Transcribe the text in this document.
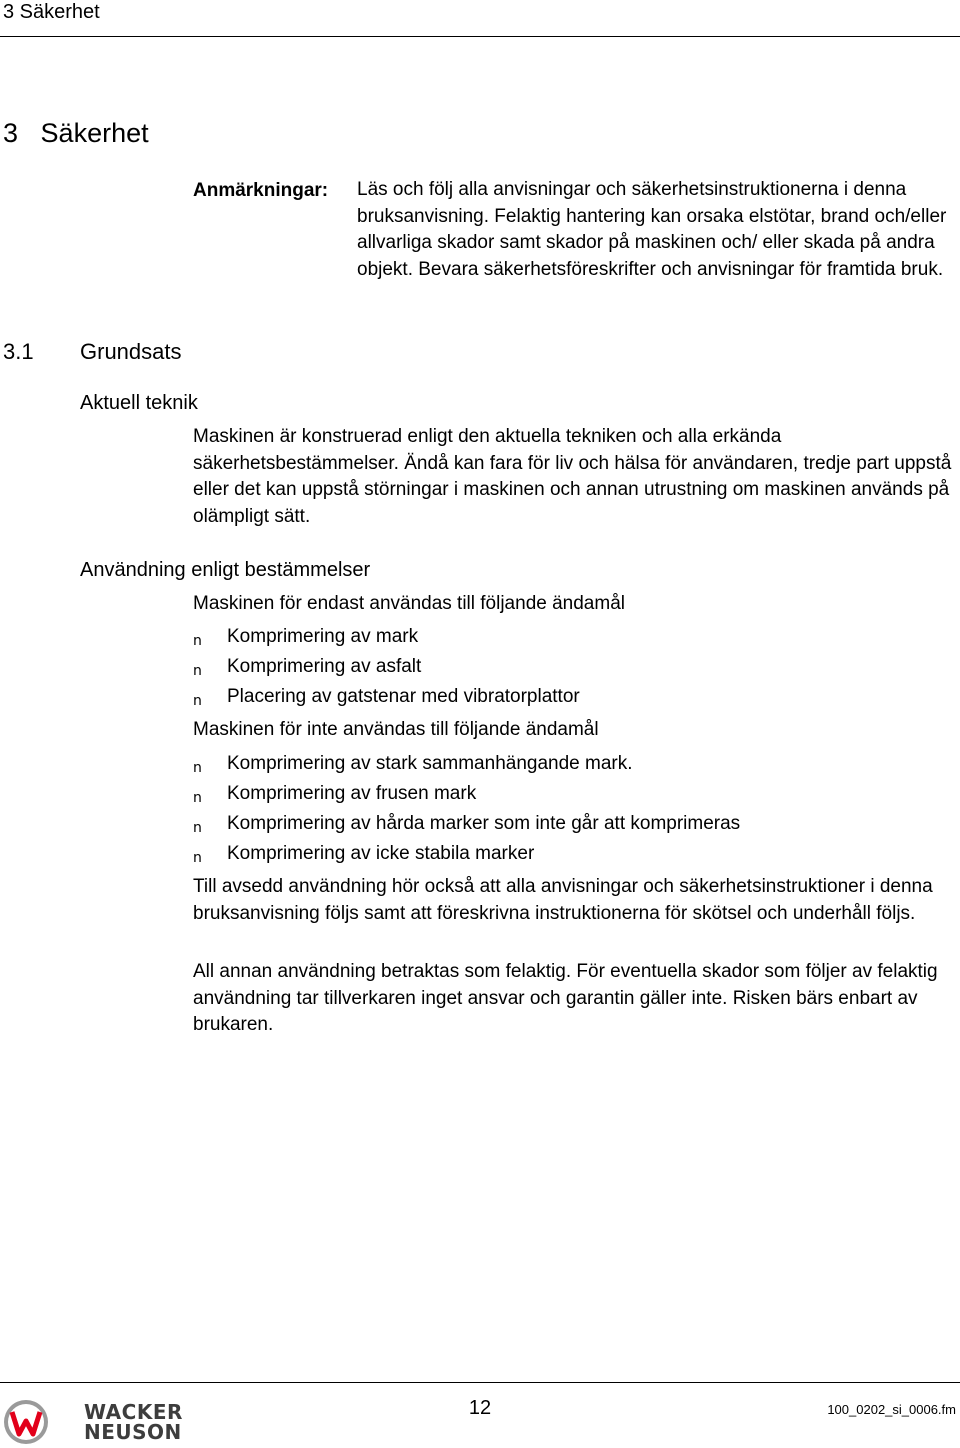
3 Säkerhet
3 Säkerhet
Anmärkningar: Läs och följ alla anvisningar och säkerhetsinstruktionerna i denna bruksanvisning. Felaktig hantering kan orsaka elstötar, brand och/eller allvarliga skador samt skador på maskinen och/ eller skada på andra objekt. Bevara säkerhetsföreskrifter och anvisningar för framtida bruk.
3.1 Grundsats
Aktuell teknik
Maskinen är konstruerad enligt den aktuella tekniken och alla erkända säkerhetsbestämmelser. Ändå kan fara för liv och hälsa för användaren, tredje part uppstå eller det kan uppstå störningar i maskinen och annan utrustning om maskinen används på olämpligt sätt.
Användning enligt bestämmelser
Maskinen för endast användas till följande ändamål
n Komprimering av mark
n Komprimering av asfalt
n Placering av gatstenar med vibratorplattor
Maskinen för inte användas till följande ändamål
n Komprimering av stark sammanhängande mark.
n Komprimering av frusen mark
n Komprimering av hårda marker som inte går att komprimeras
n Komprimering av icke stabila marker
Till avsedd användning hör också att alla anvisningar och säkerhetsinstruktioner i denna bruksanvisning följs samt att föreskrivna instruktionerna för skötsel och underhåll följs.
All annan användning betraktas som felaktig. För eventuella skador som följer av felaktig användning tar tillverkaren inget ansvar och garantin gäller inte. Risken bärs enbart av brukaren.
WACKER
NEUSON
12	100_0202_si_0006.fm
